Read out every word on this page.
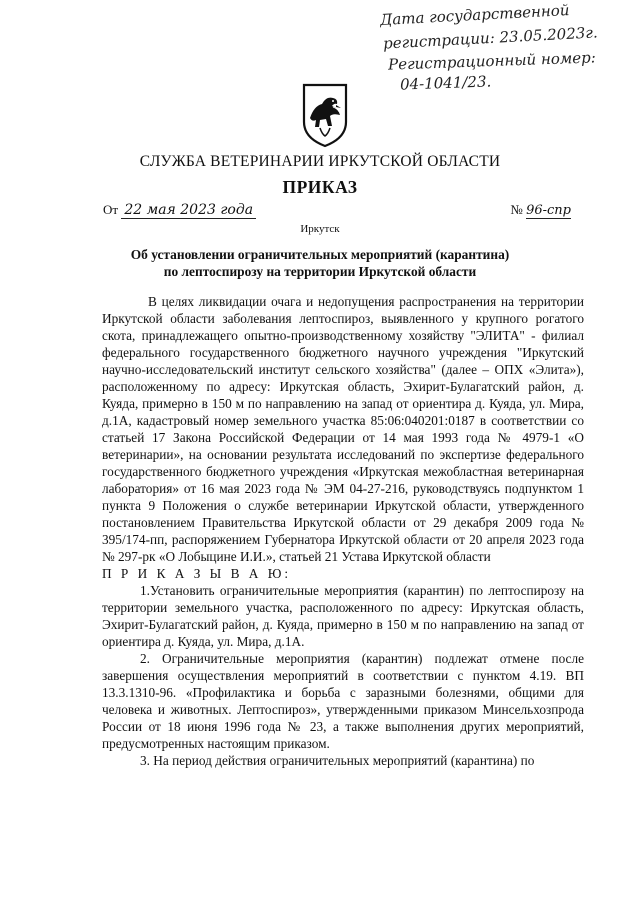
Дата государственной
регистрации: 23.05.2023г.
Регистрационный номер:
04-1041/23.
СЛУЖБА ВЕТЕРИНАРИИ ИРКУТСКОЙ ОБЛАСТИ
ПРИКАЗ
От 22 мая 2023 года	№ 96-спр
Иркутск
Об установлении ограничительных мероприятий (карантина)
по лептоспирозу на территории Иркутской области

В целях ликвидации очага и недопущения распространения на территории Иркутской области заболевания лептоспироз, выявленного у крупного рогатого скота, принадлежащего опытно-производственному хозяйству "ЭЛИТА" - филиал федерального государственного бюджетного научного учреждения "Иркутский научно-исследовательский институт сельского хозяйства" (далее – ОПХ «Элита»), расположенному по адресу: Иркутская область, Эхирит-Булагатский район, д. Куяда, примерно в 150 м по направлению на запад от ориентира д. Куяда, ул. Мира, д.1А, кадастровый номер земельного участка 85:06:040201:0187 в соответствии со статьей 17 Закона Российской Федерации от 14 мая 1993 года № 4979-1 «О ветеринарии», на основании результата исследований по экспертизе федерального государственного бюджетного учреждения «Иркутская межобластная ветеринарная лаборатория» от 16 мая 2023 года № ЭМ 04-27-216, руководствуясь подпунктом 1 пункта 9 Положения о службе ветеринарии Иркутской области, утвержденного постановлением Правительства Иркутской области от 29 декабря 2009 года № 395/174-пп, распоряжением Губернатора Иркутской области от 20 апреля 2023 года № 297-рк «О Лобыцине И.И.», статьей 21 Устава Иркутской области

П Р И К А З Ы В А Ю:

1.Установить ограничительные мероприятия (карантин) по лептоспирозу на территории земельного участка, расположенного по адресу: Иркутская область, Эхирит-Булагатский район, д. Куяда, примерно в 150 м по направлению на запад от ориентира д. Куяда, ул. Мира, д.1А.

2. Ограничительные мероприятия (карантин) подлежат отмене после завершения осуществления мероприятий в соответствии с пунктом 4.19. ВП 13.3.1310-96. «Профилактика и борьба с заразными болезнями, общими для человека и животных. Лептоспироз», утвержденными приказом Минсельхозпрода России от 18 июня 1996 года № 23, а также выполнения других мероприятий, предусмотренных настоящим приказом.

3. На период действия ограничительных мероприятий (карантина) по
